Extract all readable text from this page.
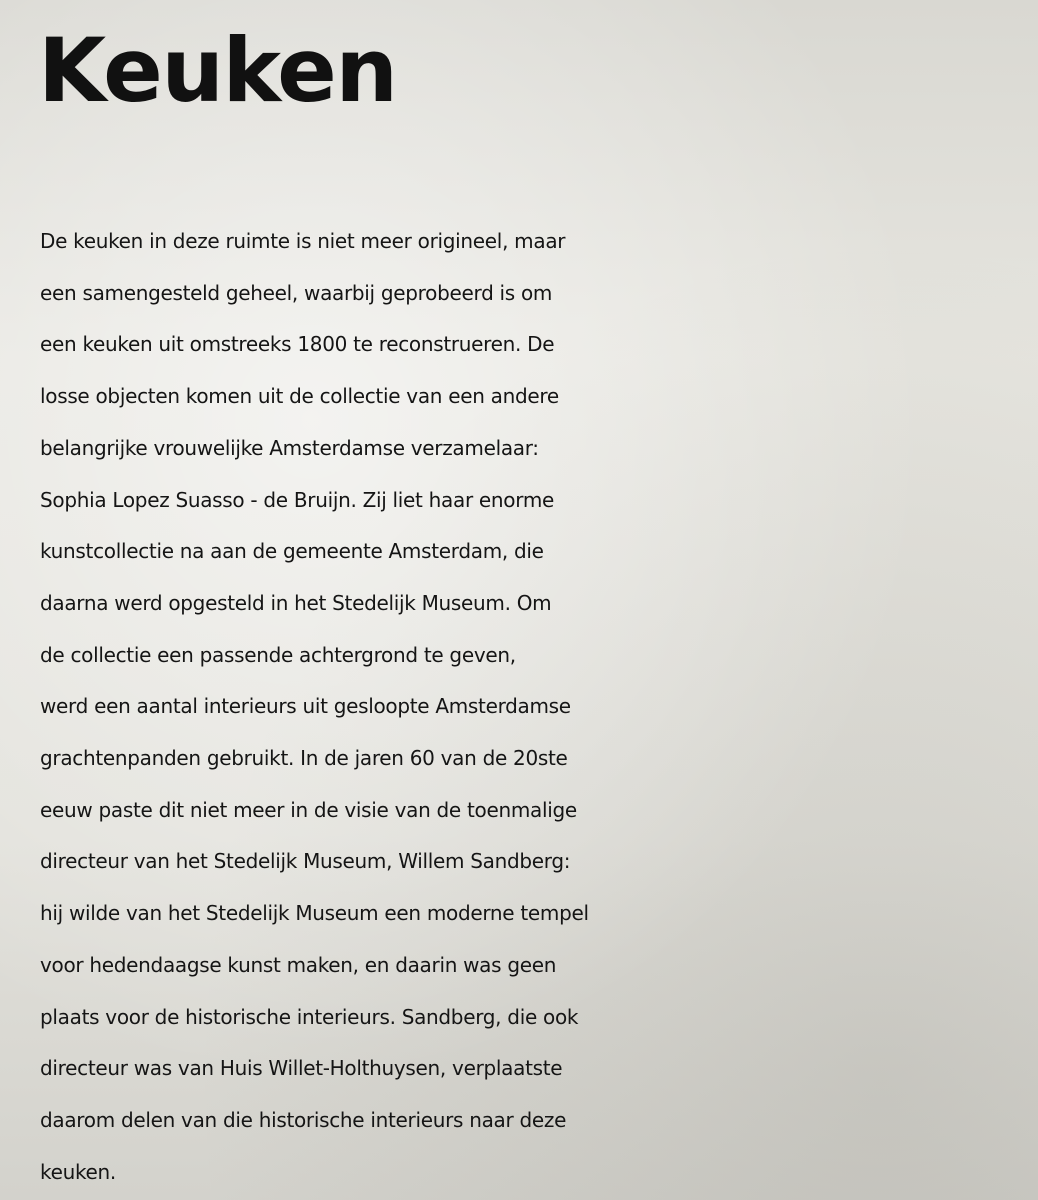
Keuken
De keuken in deze ruimte is niet meer origineel, maar
een samengesteld geheel, waarbij geprobeerd is om
een keuken uit omstreeks 1800 te reconstrueren. De
losse objecten komen uit de collectie van een andere
belangrijke vrouwelijke Amsterdamse verzamelaar:
Sophia Lopez Suasso - de Bruijn. Zij liet haar enorme
kunstcollectie na aan de gemeente Amsterdam, die
daarna werd opgesteld in het Stedelijk Museum. Om
de collectie een passende achtergrond te geven,
werd een aantal interieurs uit gesloopte Amsterdamse
grachtenpanden gebruikt. In de jaren 60 van de 20ste
eeuw paste dit niet meer in de visie van de toenmalige
directeur van het Stedelijk Museum, Willem Sandberg:
hij wilde van het Stedelijk Museum een moderne tempel
voor hedendaagse kunst maken, en daarin was geen
plaats voor de historische interieurs. Sandberg, die ook
directeur was van Huis Willet-Holthuysen, verplaatste
daarom delen van die historische interieurs naar deze
keuken.
